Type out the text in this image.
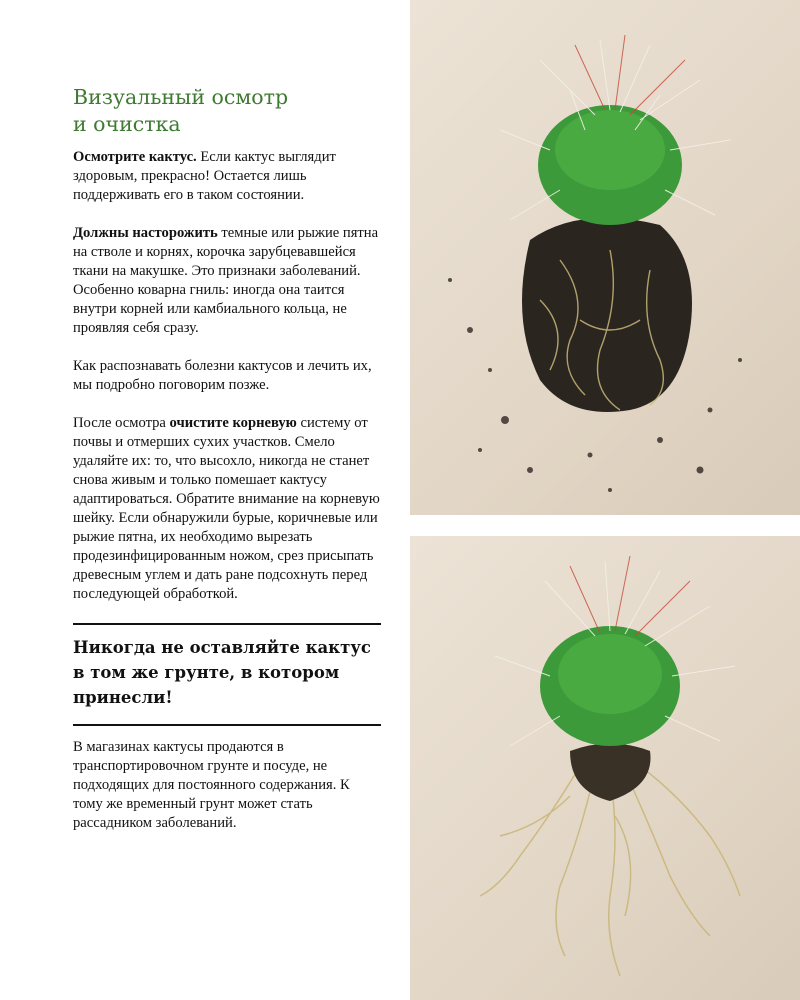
Визуальный осмотр
и очистка

Осмотрите кактус. Если кактус выглядит здоровым, прекрасно! Остается лишь поддерживать его в таком состоянии.

Должны насторожить темные или рыжие пятна на стволе и корнях, корочка зарубцевавшейся ткани на макушке. Это признаки заболеваний. Особенно коварна гниль: иногда она таится внутри корней или камбиального кольца, не проявляя себя сразу.

Как распознавать болезни кактусов и лечить их, мы подробно поговорим позже.

После осмотра очистите корневую систему от почвы и отмерших сухих участков. Смело удаляйте их: то, что высохло, никогда не станет снова живым и только помешает кактусу адаптироваться. Обратите внимание на корневую шейку. Если обнаружили бурые, коричневые или рыжие пятна, их необходимо вырезать продезинфицированным ножом, срез присыпать древесным углем и дать ране подсохнуть перед последующей обработкой.

Никогда не оставляйте кактус в том же грунте, в котором принесли!

В магазинах кактусы продаются в транспортировочном грунте и посуде, не подходящих для постоянного содержания. К тому же временный грунт может стать рассадником заболеваний.
